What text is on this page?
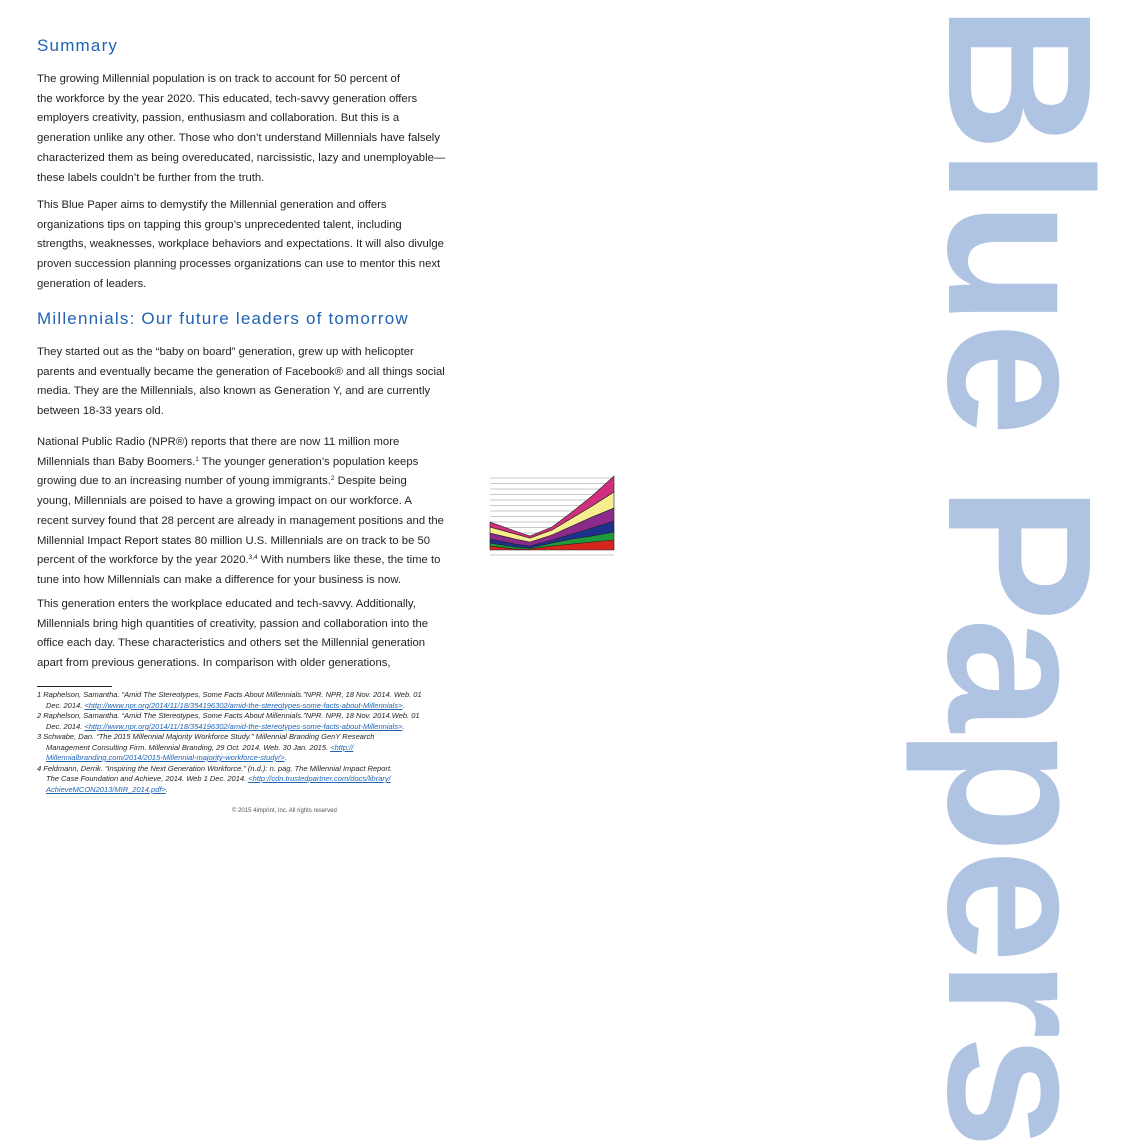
Blue Papers
Summary

The growing Millennial population is on track to account for 50 percent of
the workforce by the year 2020. This educated, tech-savvy generation offers
employers creativity, passion, enthusiasm and collaboration. But this is a
generation unlike any other. Those who don’t understand Millennials have falsely
characterized them as being overeducated, narcissistic, lazy and unemployable—
these labels couldn’t be further from the truth.

This Blue Paper aims to demystify the Millennial generation and offers
organizations tips on tapping this group’s unprecedented talent, including
strengths, weaknesses, workplace behaviors and expectations. It will also divulge
proven succession planning processes organizations can use to mentor this next
generation of leaders.

Millennials: Our future leaders of tomorrow

They started out as the “baby on board” generation, grew up with helicopter
parents and eventually became the generation of Facebook® and all things social
media. They are the Millennials, also known as Generation Y, and are currently
between 18-33 years old.

National Public Radio (NPR®) reports that there are now 11 million more
Millennials than Baby Boomers.$^1$ The younger generation’s population keeps
growing due to an increasing number of young immigrants.$^2$ Despite being
young, Millennials are poised to have a growing impact on our workforce. A
recent survey found that 28 percent are already in management positions and the
Millennial Impact Report states 80 million U.S. Millennials are on track to be 50
percent of the workforce by the year 2020.$^{3,4}$ With numbers like these, the time to
tune into how Millennials can make a difference for your business is now.

This generation enters the workplace educated and tech-savvy. Additionally,
Millennials bring high quantities of creativity, passion and collaboration into the
office each day. These characteristics and others set the Millennial generation
apart from previous generations. In comparison with older generations,

1 Raphelson, Samantha. “Amid The Stereotypes, Some Facts About Millennials.”NPR. NPR, 18 Nov. 2014. Web. 01
Dec. 2014. <http://www.npr.org/2014/11/18/354196302/amid-the-stereotypes-some-facts-about-Millennials>.
2 Raphelson, Samantha. “Amid The Stereotypes, Some Facts About Millennials.”NPR. NPR, 18 Nov. 2014.Web. 01
Dec. 2014. <http://www.npr.org/2014/11/18/354196302/amid-the-stereotypes-some-facts-about-Millennials>.
3 Schwabe, Dan. “The 2015 Millennial Majority Workforce Study.” Millennial Branding GenY Research
Management Consulting Firm. Millennial Branding, 29 Oct. 2014. Web. 30 Jan. 2015. <http://
Millennialbranding.com/2014/2015-Millennial-majority-workforce-study/>.
4 Feldmann, Derrik. “Inspiring the Next Generation Workforce.” (n.d.): n. pag. The Millennial Impact Report.
The Case Foundation and Achieve, 2014. Web 1 Dec. 2014. <http://cdn.trustedpartner.com/docs/library/
AchieveMCON2013/MIR_2014.pdf>.
© 2015 4imprint, Inc. All rights reserved
